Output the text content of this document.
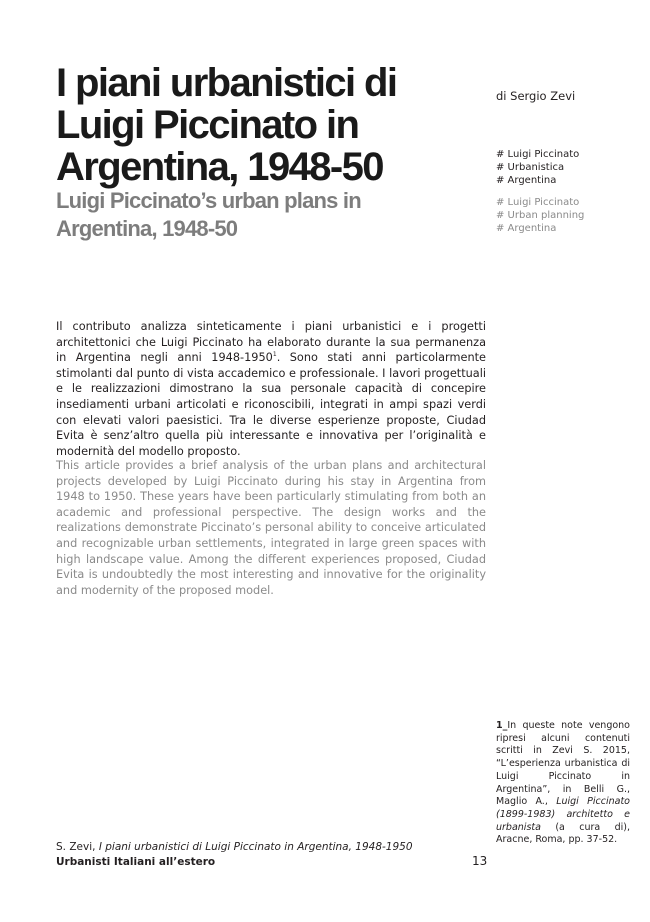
I piani urbanistici di
Luigi Piccinato in
Argentina, 1948-50
Luigi Piccinato’s urban plans in
Argentina, 1948-50
di Sergio Zevi
# Luigi Piccinato
# Urbanistica
# Argentina
# Luigi Piccinato
# Urban planning
# Argentina

Il contributo analizza sinteticamente i piani urbanistici e i progetti architettonici che Luigi Piccinato ha elaborato durante la sua permanenza in Argentina negli anni 1948-1950$^1$. Sono stati anni particolarmente stimolanti dal punto di vista accademico e professionale. I lavori progettuali e le realizzazioni dimostrano la sua personale capacità di concepire insediamenti urbani articolati e riconoscibili, integrati in ampi spazi verdi con elevati valori paesistici. Tra le diverse esperienze proposte, Ciudad Evita è senz’altro quella più interessante e innovativa per l’originalità e modernità del modello proposto.

This article provides a brief analysis of the urban plans and architectural projects developed by Luigi Piccinato during his stay in Argentina from 1948 to 1950. These years have been particularly stimulating from both an academic and professional perspective. The design works and the realizations demonstrate Piccinato’s personal ability to conceive articulated and recognizable urban settlements, integrated in large green spaces with high landscape value. Among the different experiences proposed, Ciudad Evita is undoubtedly the most interesting and innovative for the originality and modernity of the proposed model.

1_In queste note vengono ripresi alcuni contenuti scritti in Zevi S. 2015, “L’esperienza urbanistica di Luigi Piccinato in Argentina”, in Belli G., Maglio A., Luigi Piccinato (1899-1983) architetto e urbanista (a cura di), Aracne, Roma, pp. 37-52.

S. Zevi, I piani urbanistici di Luigi Piccinato in Argentina, 1948-1950
Urbanisti Italiani all’estero	13
